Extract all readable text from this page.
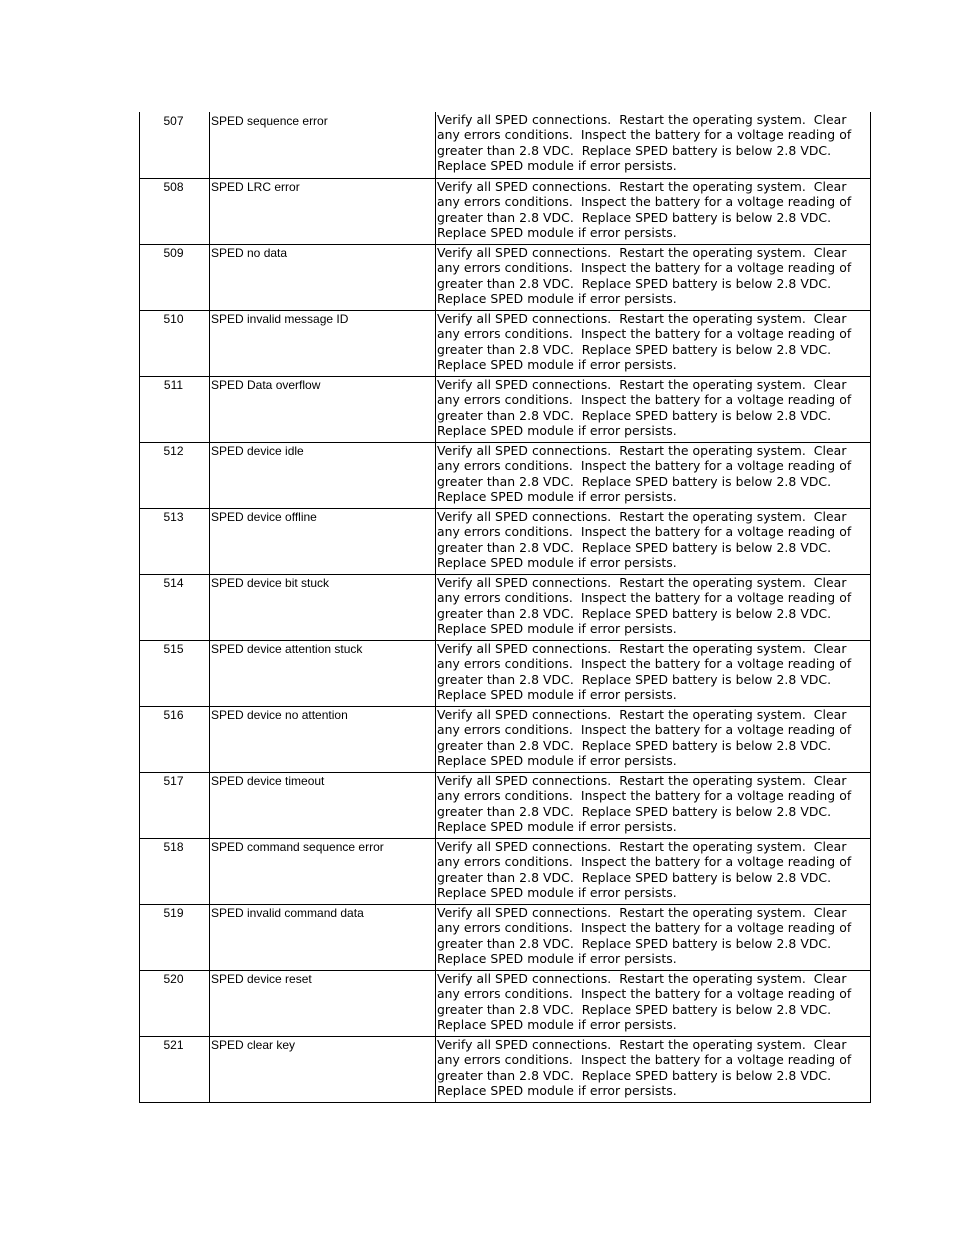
507	SPED sequence error	Verify all SPED connections.  Restart the operating system.  Clear any errors conditions.  Inspect the battery for a voltage reading of greater than 2.8 VDC.  Replace SPED battery is below 2.8 VDC. Replace SPED module if error persists.

508	SPED LRC error	Verify all SPED connections.  Restart the operating system.  Clear any errors conditions.  Inspect the battery for a voltage reading of greater than 2.8 VDC.  Replace SPED battery is below 2.8 VDC. Replace SPED module if error persists.

509	SPED no data	Verify all SPED connections.  Restart the operating system.  Clear any errors conditions.  Inspect the battery for a voltage reading of greater than 2.8 VDC.  Replace SPED battery is below 2.8 VDC. Replace SPED module if error persists.

510	SPED invalid message ID	Verify all SPED connections.  Restart the operating system.  Clear any errors conditions.  Inspect the battery for a voltage reading of greater than 2.8 VDC.  Replace SPED battery is below 2.8 VDC. Replace SPED module if error persists.

511	SPED Data overflow	Verify all SPED connections.  Restart the operating system.  Clear any errors conditions.  Inspect the battery for a voltage reading of greater than 2.8 VDC.  Replace SPED battery is below 2.8 VDC. Replace SPED module if error persists.

512	SPED device idle	Verify all SPED connections.  Restart the operating system.  Clear any errors conditions.  Inspect the battery for a voltage reading of greater than 2.8 VDC.  Replace SPED battery is below 2.8 VDC. Replace SPED module if error persists.

513	SPED device offline	Verify all SPED connections.  Restart the operating system.  Clear any errors conditions.  Inspect the battery for a voltage reading of greater than 2.8 VDC.  Replace SPED battery is below 2.8 VDC. Replace SPED module if error persists.

514	SPED device bit stuck	Verify all SPED connections.  Restart the operating system.  Clear any errors conditions.  Inspect the battery for a voltage reading of greater than 2.8 VDC.  Replace SPED battery is below 2.8 VDC. Replace SPED module if error persists.

515	SPED device attention stuck	Verify all SPED connections.  Restart the operating system.  Clear any errors conditions.  Inspect the battery for a voltage reading of greater than 2.8 VDC.  Replace SPED battery is below 2.8 VDC. Replace SPED module if error persists.

516	SPED device no attention	Verify all SPED connections.  Restart the operating system.  Clear any errors conditions.  Inspect the battery for a voltage reading of greater than 2.8 VDC.  Replace SPED battery is below 2.8 VDC. Replace SPED module if error persists.

517	SPED device timeout	Verify all SPED connections.  Restart the operating system.  Clear any errors conditions.  Inspect the battery for a voltage reading of greater than 2.8 VDC.  Replace SPED battery is below 2.8 VDC. Replace SPED module if error persists.

518	SPED command sequence error	Verify all SPED connections.  Restart the operating system.  Clear any errors conditions.  Inspect the battery for a voltage reading of greater than 2.8 VDC.  Replace SPED battery is below 2.8 VDC. Replace SPED module if error persists.

519	SPED invalid command data	Verify all SPED connections.  Restart the operating system.  Clear any errors conditions.  Inspect the battery for a voltage reading of greater than 2.8 VDC.  Replace SPED battery is below 2.8 VDC. Replace SPED module if error persists.

520	SPED device reset	Verify all SPED connections.  Restart the operating system.  Clear any errors conditions.  Inspect the battery for a voltage reading of greater than 2.8 VDC.  Replace SPED battery is below 2.8 VDC. Replace SPED module if error persists.

521	SPED clear key	Verify all SPED connections.  Restart the operating system.  Clear any errors conditions.  Inspect the battery for a voltage reading of greater than 2.8 VDC.  Replace SPED battery is below 2.8 VDC. Replace SPED module if error persists.
